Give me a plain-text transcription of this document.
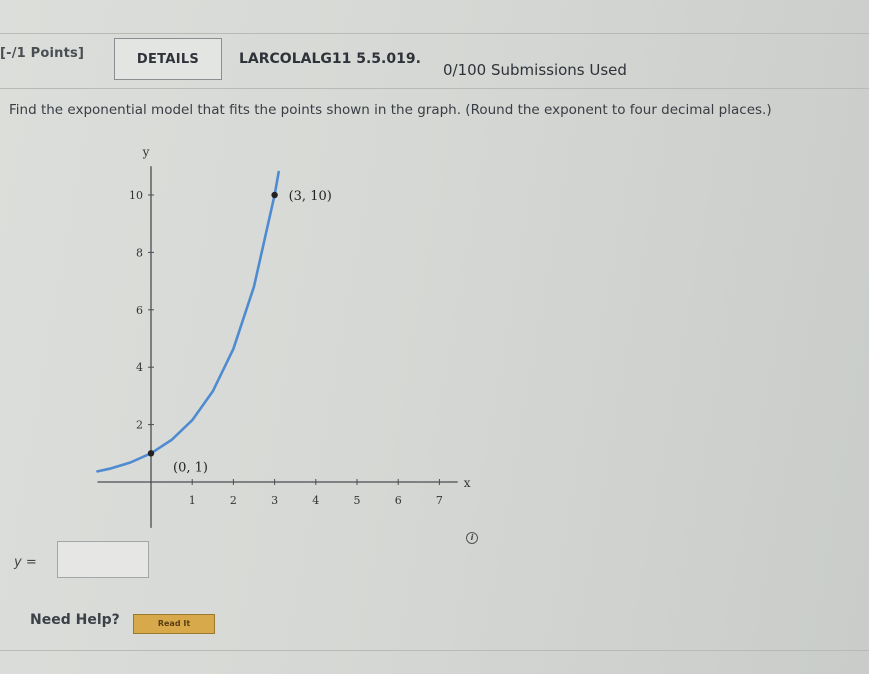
[-/1 Points]	DETAILS	LARCOLALG11 5.5.019.
0/100 Submissions Used
Find the exponential model that fits the points shown in the graph. (Round the exponent to four decimal places.)
1	2	3	4	5	6	7
2
4
6
8
10
x
y
(0, 1)
(3, 10)
y =
i
Need Help?	Read It
